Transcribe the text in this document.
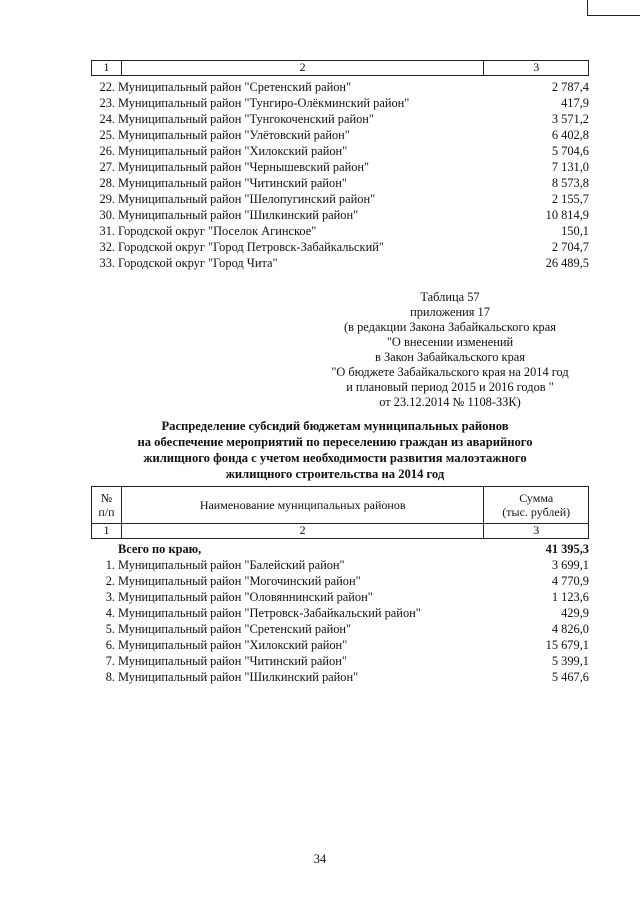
1	2	3
22. Муниципальный район "Сретенский район"	2 787,4
23. Муниципальный район "Тунгиро-Олёкминский район"	417,9
24. Муниципальный район "Тунгокоченский район"	3 571,2
25. Муниципальный район "Улётовский район"	6 402,8
26. Муниципальный район "Хилокский район"	5 704,6
27. Муниципальный район "Чернышевский район"	7 131,0
28. Муниципальный район "Читинский район"	8 573,8
29. Муниципальный район "Шелопугинский район"	2 155,7
30. Муниципальный район "Шилкинский район"	10 814,9
31. Городской округ "Поселок Агинское"	150,1
32. Городской округ "Город Петровск-Забайкальский"	2 704,7
33. Городской округ "Город Чита"	26 489,5
Таблица 57
приложения 17
(в редакции Закона Забайкальского края
"О внесении изменений
в Закон Забайкальского края
"О бюджете Забайкальского края на 2014 год
и плановый период 2015 и 2016 годов "
от 23.12.2014 № 1108-ЗЗК)
Распределение субсидий бюджетам муниципальных районов
на обеспечение мероприятий по переселению граждан из аварийного
жилищного фонда с учетом необходимости развития малоэтажного
жилищного строительства на 2014 год
№
п/п	Наименование муниципальных районов	Сумма
(тыс. рублей)
1	2	3
Всего по краю,	41 395,3
1. Муниципальный район "Балейский район"	3 699,1
2. Муниципальный район "Могочинский район"	4 770,9
3. Муниципальный район "Оловяннинский район"	1 123,6
4. Муниципальный район "Петровск-Забайкальский район"	429,9
5. Муниципальный район "Сретенский район"	4 826,0
6. Муниципальный район "Хилокский район"	15 679,1
7. Муниципальный район "Читинский район"	5 399,1
8. Муниципальный район "Шилкинский район"	5 467,6
34
